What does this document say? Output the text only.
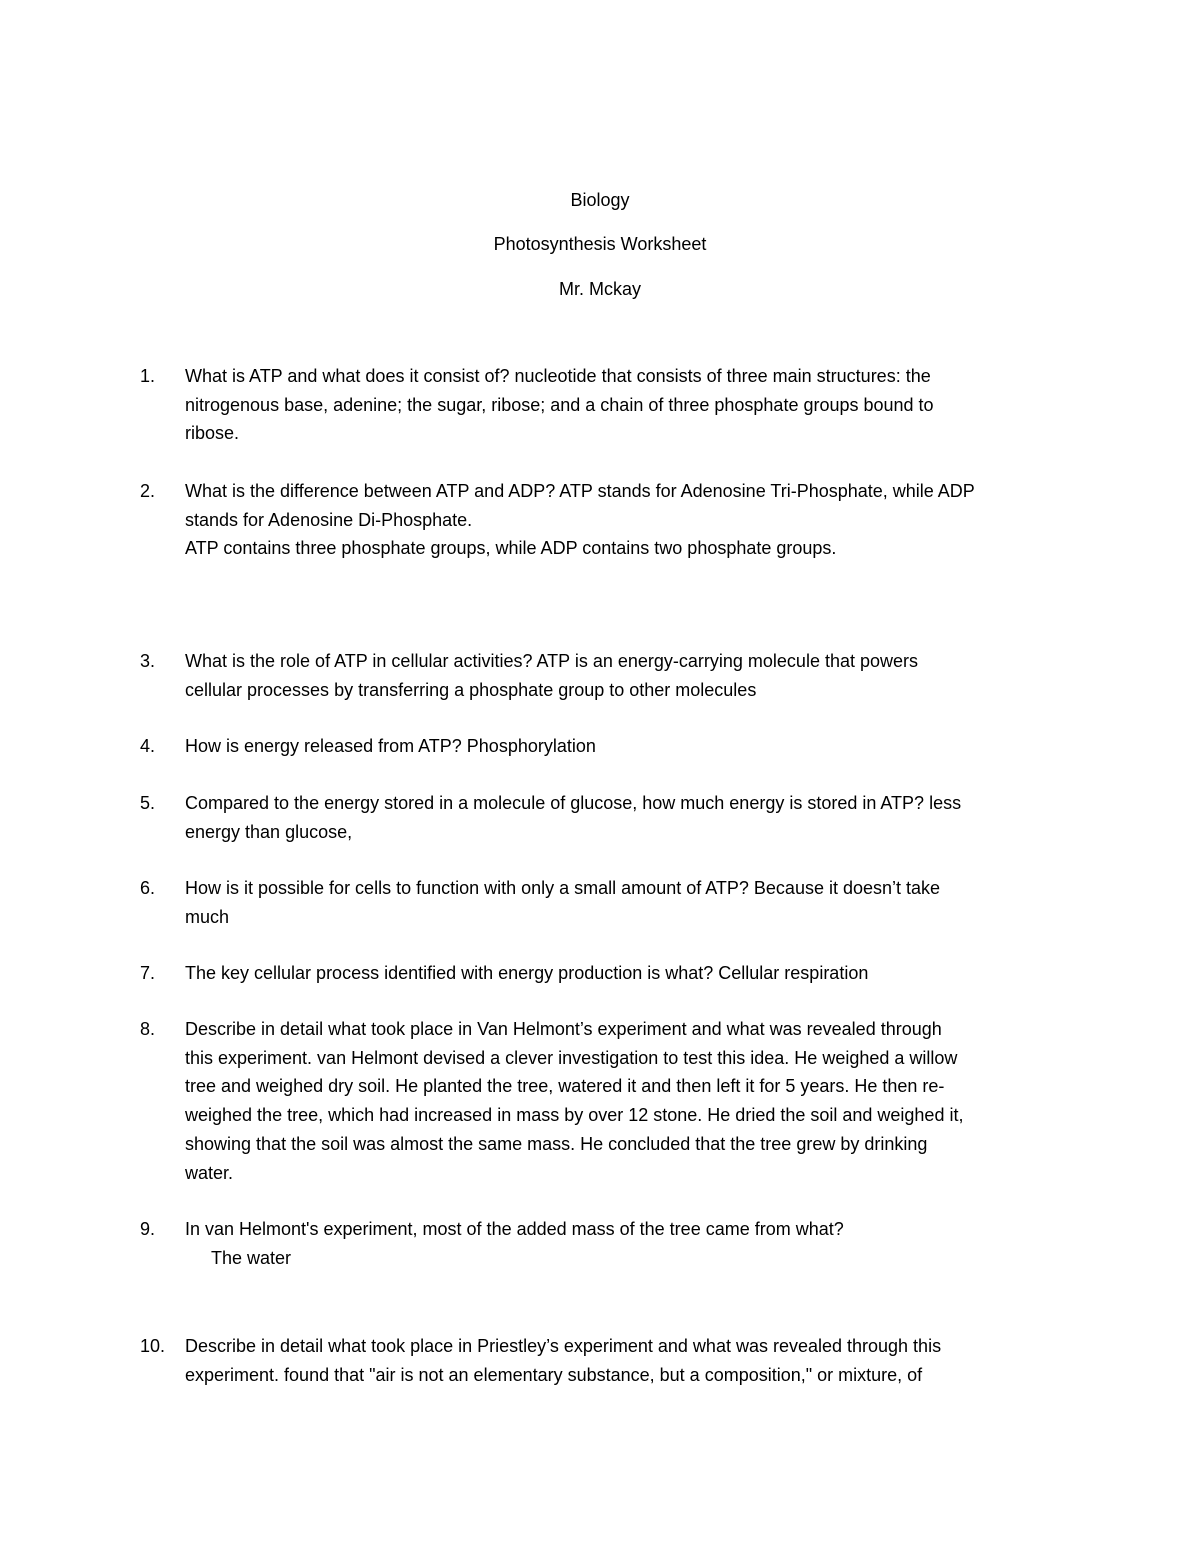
Biology
Photosynthesis Worksheet
Mr. Mckay
1.	What is ATP and what does it consist of? nucleotide that consists of three main structures: the
nitrogenous base, adenine; the sugar, ribose; and a chain of three phosphate groups bound to
ribose.
2.	What is the difference between ATP and ADP? ATP stands for Adenosine Tri-Phosphate, while ADP
stands for Adenosine Di-Phosphate.
ATP contains three phosphate groups, while ADP contains two phosphate groups.
3.	What is the role of ATP in cellular activities? ATP is an energy-carrying molecule that powers
cellular processes by transferring a phosphate group to other molecules
4.	How is energy released from ATP? Phosphorylation
5.	Compared to the energy stored in a molecule of glucose, how much energy is stored in ATP? less
energy than glucose,
6.	How is it possible for cells to function with only a small amount of ATP? Because it doesn’t take
much
7.	The key cellular process identified with energy production is what? Cellular respiration
8.	Describe in detail what took place in Van Helmont’s experiment and what was revealed through
this experiment. van Helmont devised a clever investigation to test this idea. He weighed a willow
tree and weighed dry soil. He planted the tree, watered it and then left it for 5 years. He then re-
weighed the tree, which had increased in mass by over 12 stone. He dried the soil and weighed it,
showing that the soil was almost the same mass. He concluded that the tree grew by drinking
water.
9.	In van Helmont's experiment, most of the added mass of the tree came from what?
The water
10.	Describe in detail what took place in Priestley’s experiment and what was revealed through this
experiment. found that "air is not an elementary substance, but a composition," or mixture, of
